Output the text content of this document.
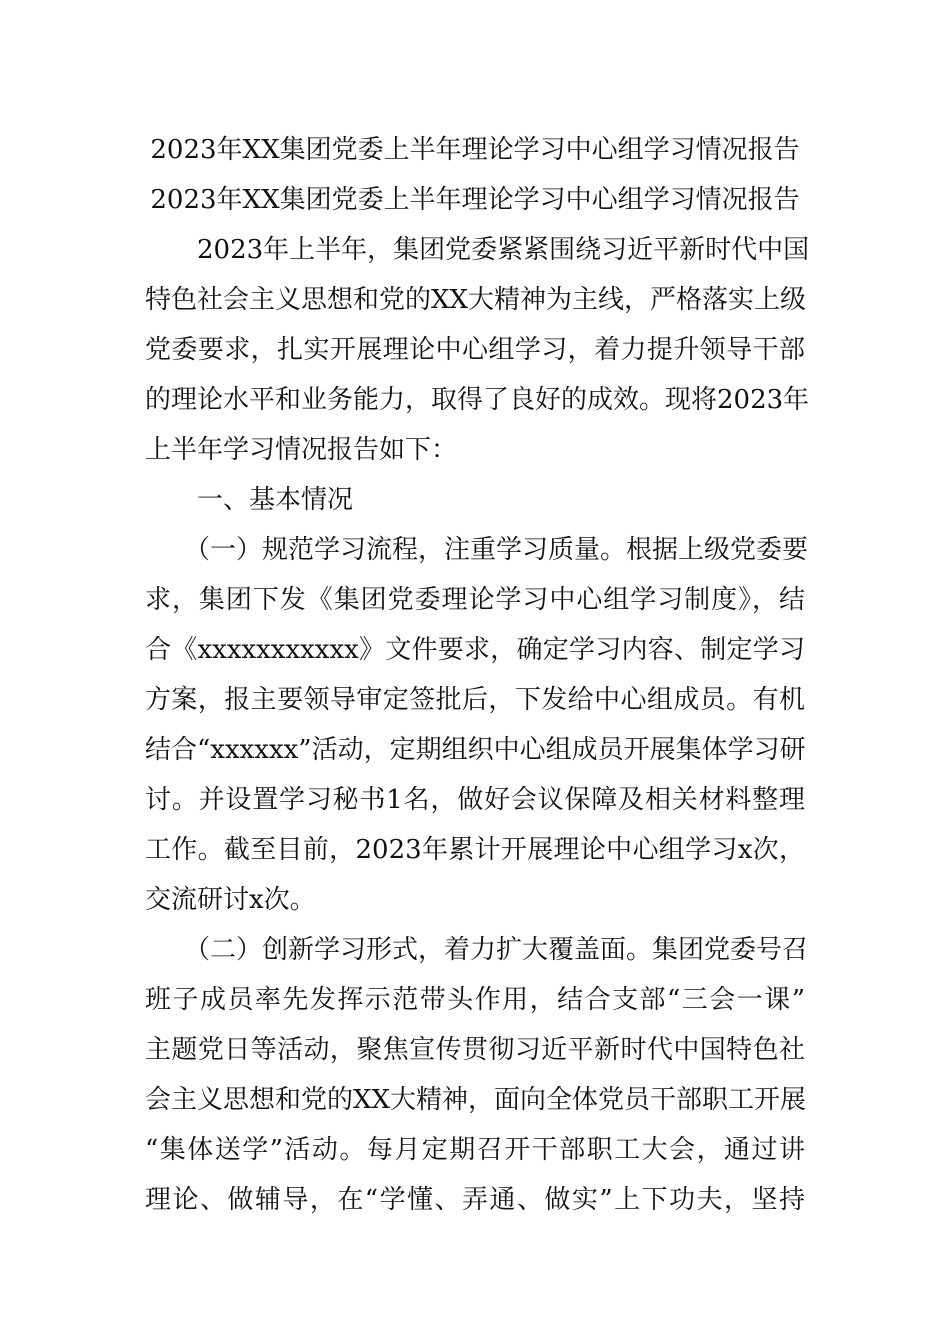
2023年XX集团党委上半年理论学习中心组学习情况报告
2023年XX集团党委上半年理论学习中心组学习情况报告
　　2023年上半年，集团党委紧紧围绕习近平新时代中国
特色社会主义思想和党的XX大精神为主线，严格落实上级
党委要求，扎实开展理论中心组学习，着力提升领导干部
的理论水平和业务能力，取得了良好的成效。现将2023年
上半年学习情况报告如下：
　　一、基本情况
　　（一）规范学习流程，注重学习质量。根据上级党委要
求，集团下发《集团党委理论学习中心组学习制度》，结
合《xxxxxxxxxxx》文件要求，确定学习内容、制定学习
方案，报主要领导审定签批后，下发给中心组成员。有机
结合“xxxxxx”活动，定期组织中心组成员开展集体学习研
讨。并设置学习秘书1名，做好会议保障及相关材料整理
工作。截至目前，2023年累计开展理论中心组学习x次，
交流研讨x次。
　　（二）创新学习形式，着力扩大覆盖面。集团党委号召
班子成员率先发挥示范带头作用，结合支部“三会一课”
主题党日等活动，聚焦宣传贯彻习近平新时代中国特色社
会主义思想和党的XX大精神，面向全体党员干部职工开展
“集体送学”活动。每月定期召开干部职工大会，通过讲
理论、做辅导，在“学懂、弄通、做实”上下功夫，坚持
